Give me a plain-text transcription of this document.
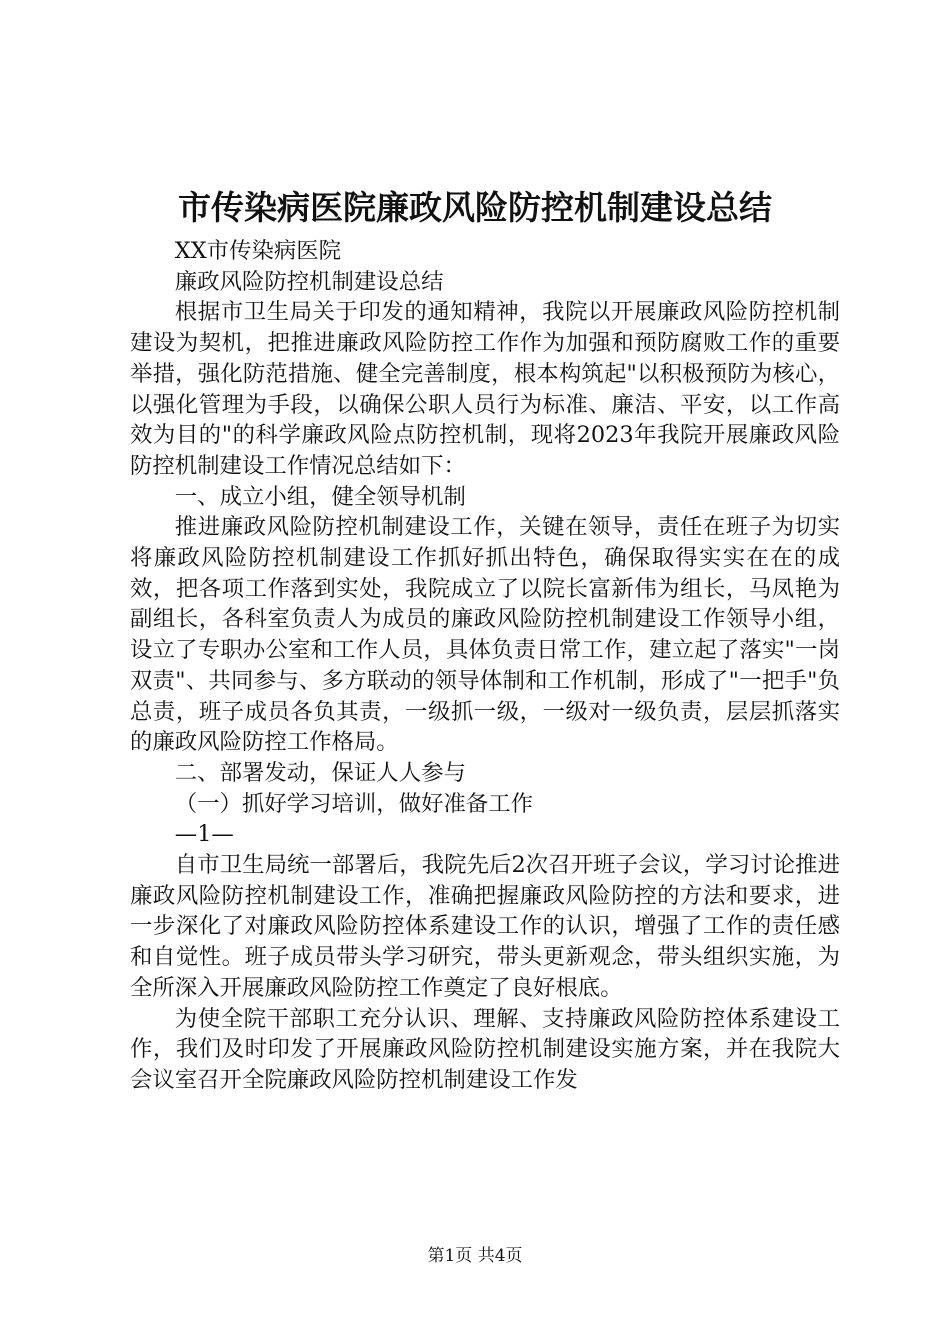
市传染病医院廉政风险防控机制建设总结

XX市传染病医院

廉政风险防控机制建设总结

根据市卫生局关于印发的通知精神，我院以开展廉政风险防控机制建设为契机，把推进廉政风险防控工作作为加强和预防腐败工作的重要举措，强化防范措施、健全完善制度，根本构筑起"以积极预防为核心，以强化管理为手段，以确保公职人员行为标准、廉洁、平安，以工作高效为目的"的科学廉政风险点防控机制，现将2023年我院开展廉政风险防控机制建设工作情况总结如下：

一、成立小组，健全领导机制

推进廉政风险防控机制建设工作，关键在领导，责任在班子为切实将廉政风险防控机制建设工作抓好抓出特色，确保取得实实在在的成效，把各项工作落到实处，我院成立了以院长富新伟为组长，马凤艳为副组长，各科室负责人为成员的廉政风险防控机制建设工作领导小组，设立了专职办公室和工作人员，具体负责日常工作，建立起了落实"一岗双责"、共同参与、多方联动的领导体制和工作机制，形成了"一把手"负总责，班子成员各负其责，一级抓一级，一级对一级负责，层层抓落实的廉政风险防控工作格局。

二、部署发动，保证人人参与

（一）抓好学习培训，做好准备工作

—1—

自市卫生局统一部署后，我院先后2次召开班子会议，学习讨论推进廉政风险防控机制建设工作，准确把握廉政风险防控的方法和要求，进一步深化了对廉政风险防控体系建设工作的认识，增强了工作的责任感和自觉性。班子成员带头学习研究，带头更新观念，带头组织实施，为全所深入开展廉政风险防控工作奠定了良好根底。

为使全院干部职工充分认识、理解、支持廉政风险防控体系建设工作，我们及时印发了开展廉政风险防控机制建设实施方案，并在我院大会议室召开全院廉政风险防控机制建设工作发

第1页 共4页
